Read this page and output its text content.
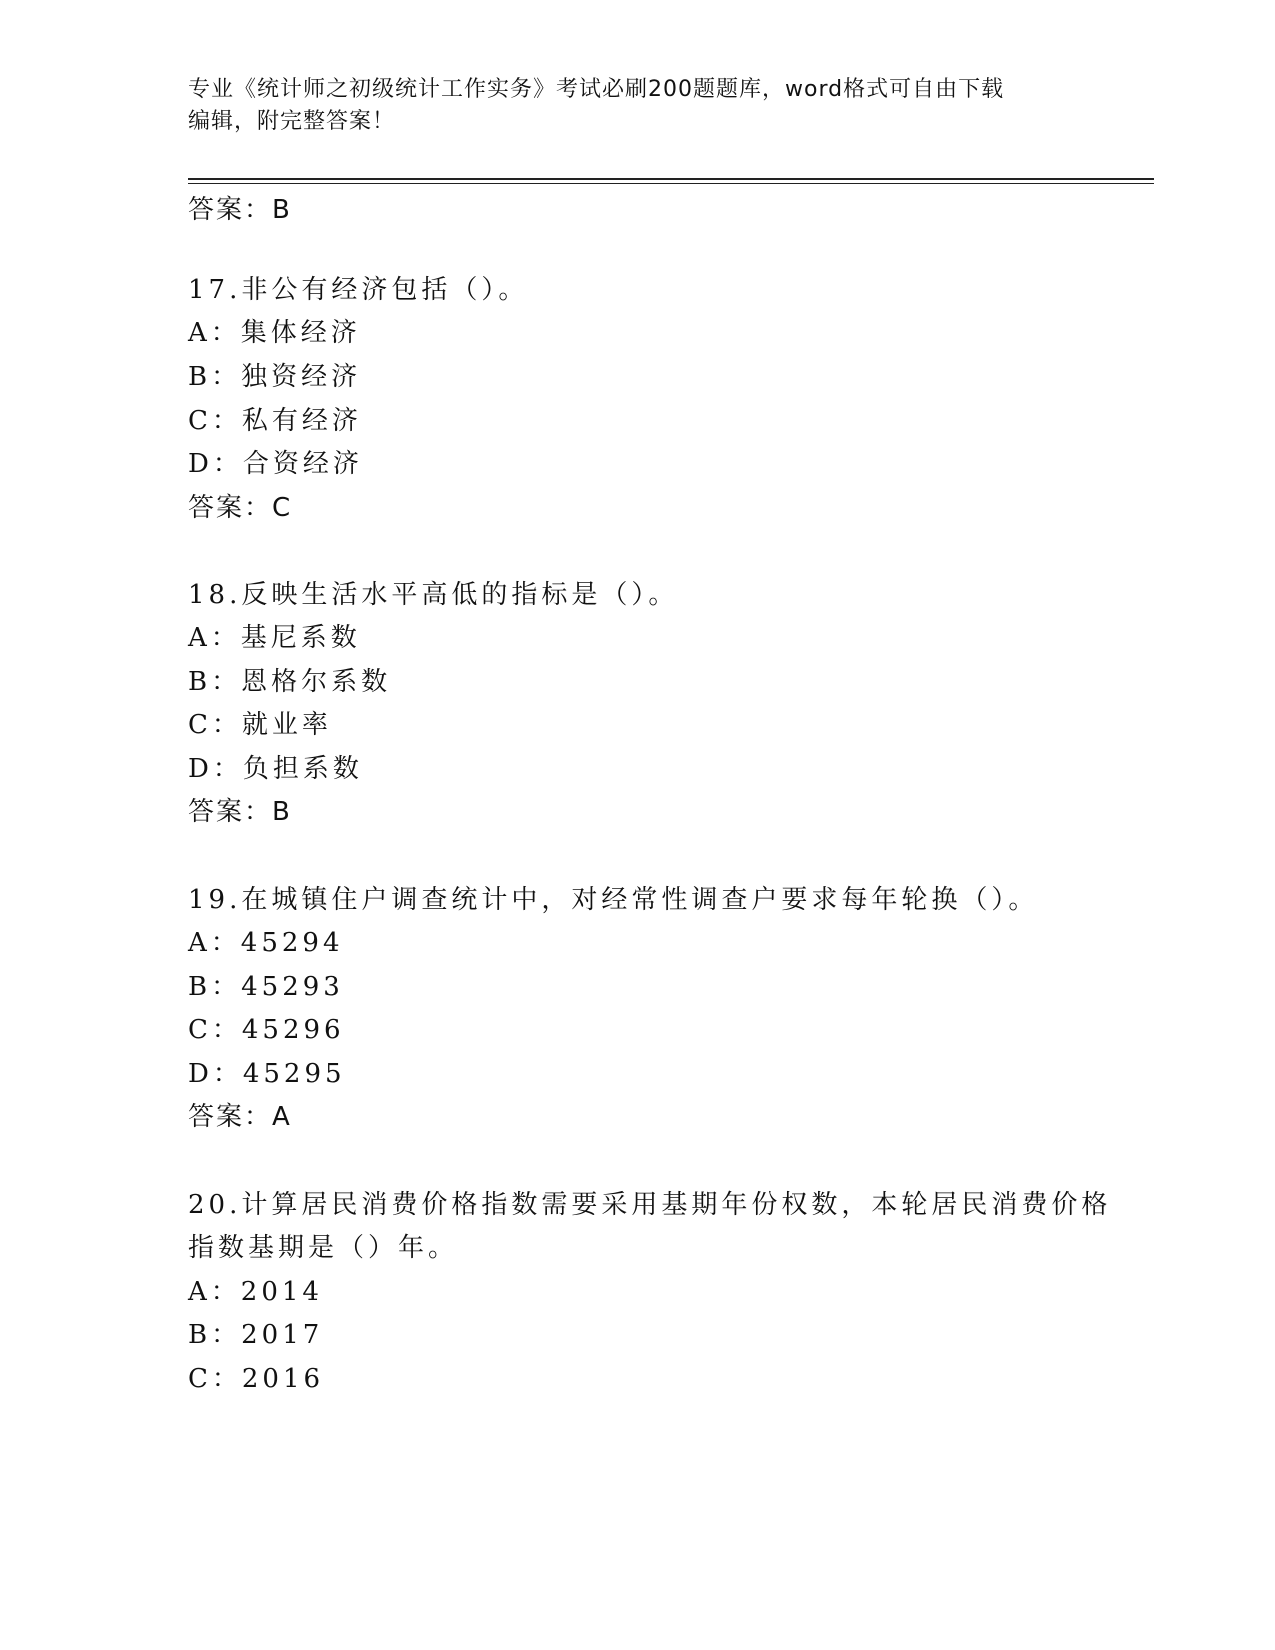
专业《统计师之初级统计工作实务》考试必刷200题题库，word格式可自由下载
编辑，附完整答案！
答案：B
17.非公有经济包括（）。
A：集体经济
B：独资经济
C：私有经济
D：合资经济
答案：C
18.反映生活水平高低的指标是（）。
A：基尼系数
B：恩格尔系数
C：就业率
D：负担系数
答案：B
19.在城镇住户调查统计中，对经常性调查户要求每年轮换（）。
A：45294
B：45293
C：45296
D：45295
答案：A
20.计算居民消费价格指数需要采用基期年份权数，本轮居民消费价格
指数基期是（）年。
A：2014
B：2017
C：2016
